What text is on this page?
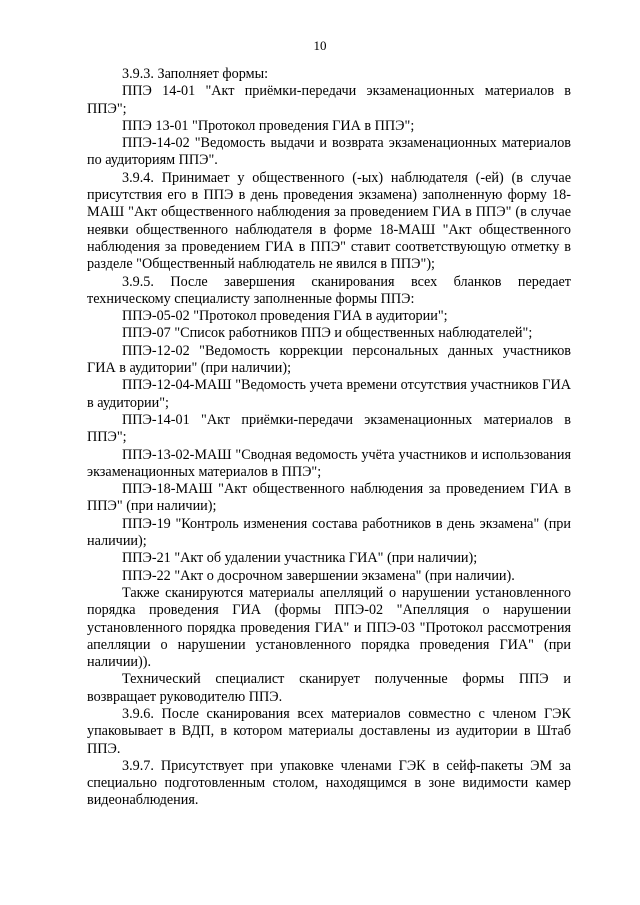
10

3.9.3. Заполняет формы:

ППЭ 14-01 "Акт приёмки-передачи экзаменационных материалов в ППЭ";

ППЭ 13-01 "Протокол проведения ГИА в ППЭ";

ППЭ-14-02 "Ведомость выдачи и возврата экзаменационных материалов по аудиториям ППЭ".

3.9.4. Принимает у общественного (-ых) наблюдателя (-ей) (в случае присутствия его в ППЭ в день проведения экзамена) заполненную форму 18-МАШ "Акт общественного наблюдения за проведением ГИА в ППЭ" (в случае неявки общественного наблюдателя в форме 18-МАШ "Акт общественного наблюдения за проведением ГИА в ППЭ" ставит соответствующую отметку в разделе "Общественный наблюдатель не явился в ППЭ");

3.9.5. После завершения сканирования всех бланков передает техническому специалисту заполненные формы ППЭ:

ППЭ-05-02 "Протокол проведения ГИА в аудитории";

ППЭ-07 "Список работников ППЭ и общественных наблюдателей";

ППЭ-12-02 "Ведомость коррекции персональных данных участников ГИА в аудитории" (при наличии);

ППЭ-12-04-МАШ "Ведомость учета времени отсутствия участников ГИА в аудитории";

ППЭ-14-01 "Акт приёмки-передачи экзаменационных материалов в ППЭ";

ППЭ-13-02-МАШ "Сводная ведомость учёта участников и использования экзаменационных материалов в ППЭ";

ППЭ-18-МАШ "Акт общественного наблюдения за проведением ГИА в ППЭ" (при наличии);

ППЭ-19 "Контроль изменения состава работников в день экзамена" (при наличии);

ППЭ-21 "Акт об удалении участника ГИА" (при наличии);

ППЭ-22 "Акт о досрочном завершении экзамена" (при наличии).

Также сканируются материалы апелляций о нарушении установленного порядка проведения ГИА (формы ППЭ-02 "Апелляция о нарушении установленного порядка проведения ГИА" и ППЭ-03 "Протокол рассмотрения апелляции о нарушении установленного порядка проведения ГИА" (при наличии)).

Технический специалист сканирует полученные формы ППЭ и возвращает руководителю ППЭ.

3.9.6. После сканирования всех материалов совместно с членом ГЭК упаковывает в ВДП, в котором материалы доставлены из аудитории в Штаб ППЭ.

3.9.7. Присутствует при упаковке членами ГЭК в сейф-пакеты ЭМ за специально подготовленным столом, находящимся в зоне видимости камер видеонаблюдения.
